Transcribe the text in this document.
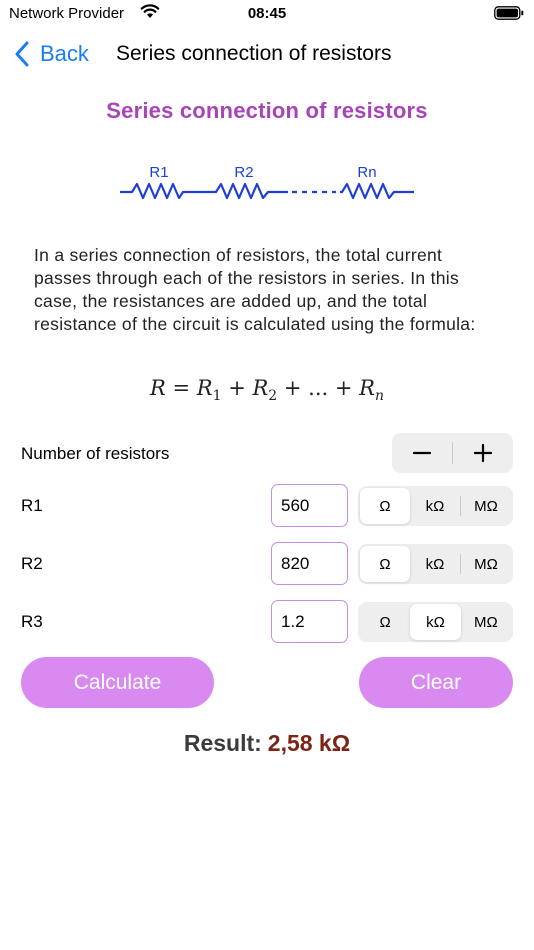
Network Provider	08:45
Back Series connection of resistors
Series connection of resistors
R1	R2	Rn
In a series connection of resistors, the total current passes through each of the resistors in series. In this case, the resistances are added up, and the total resistance of the circuit is calculated using the formula:
$R = R_1 + R_2$ + ... + $R_n$
Number of resistors
R1
560	Ω	kΩ	MΩ
R2
820	Ω	kΩ	MΩ
R3
1.2	Ω	kΩ	MΩ
Calculate	Clear
Result: 2,58 kΩ
